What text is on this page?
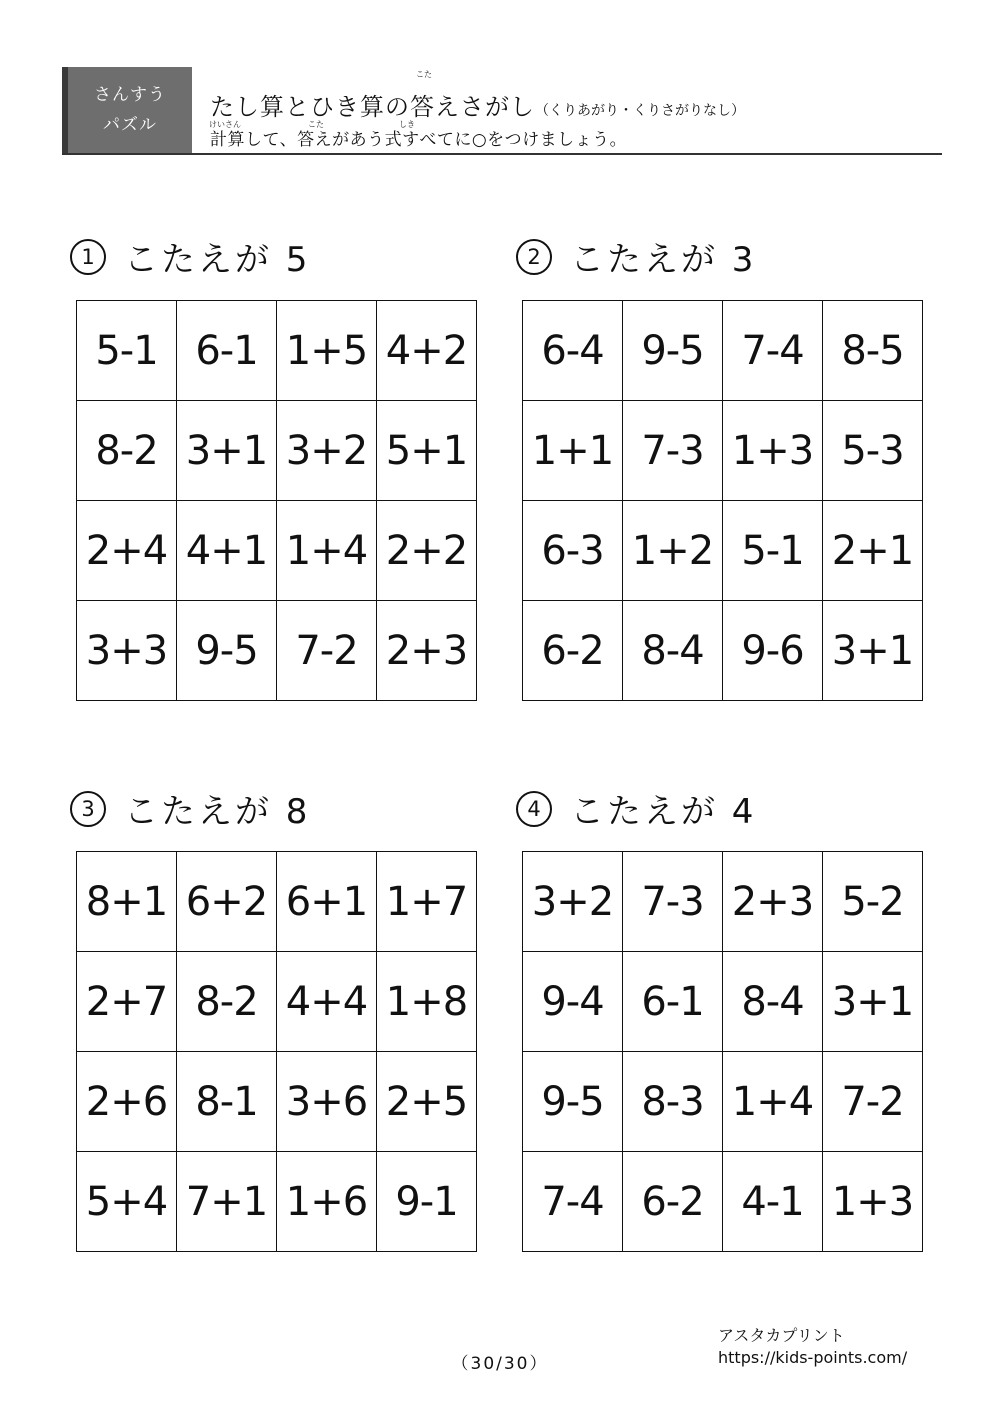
さんすう
パズル
こた
たし算とひき算の答えさがし（くりあがり・くりさがりなし）
けいさん	こた	しき
計算して、答えがあう式すべてに○をつけましょう。
1 こたえが 5
5-1 6-1 1+5 4+2
8-2 3+1 3+2 5+1
2+4 4+1 1+4 2+2
3+3 9-5 7-2 2+3
2 こたえが 3
6-4 9-5 7-4 8-5
1+1 7-3 1+3 5-3
6-3 1+2 5-1 2+1
6-2 8-4 9-6 3+1
3 こたえが 8
8+1 6+2 6+1 1+7
2+7 8-2 4+4 1+8
2+6 8-1 3+6 2+5
5+4 7+1 1+6 9-1
4 こたえが 4
3+2 7-3 2+3 5-2
9-4 6-1 8-4 3+1
9-5 8-3 1+4 7-2
7-4 6-2 4-1 1+3
（30/30）
アスタカプリント
https://kids-points.com/
